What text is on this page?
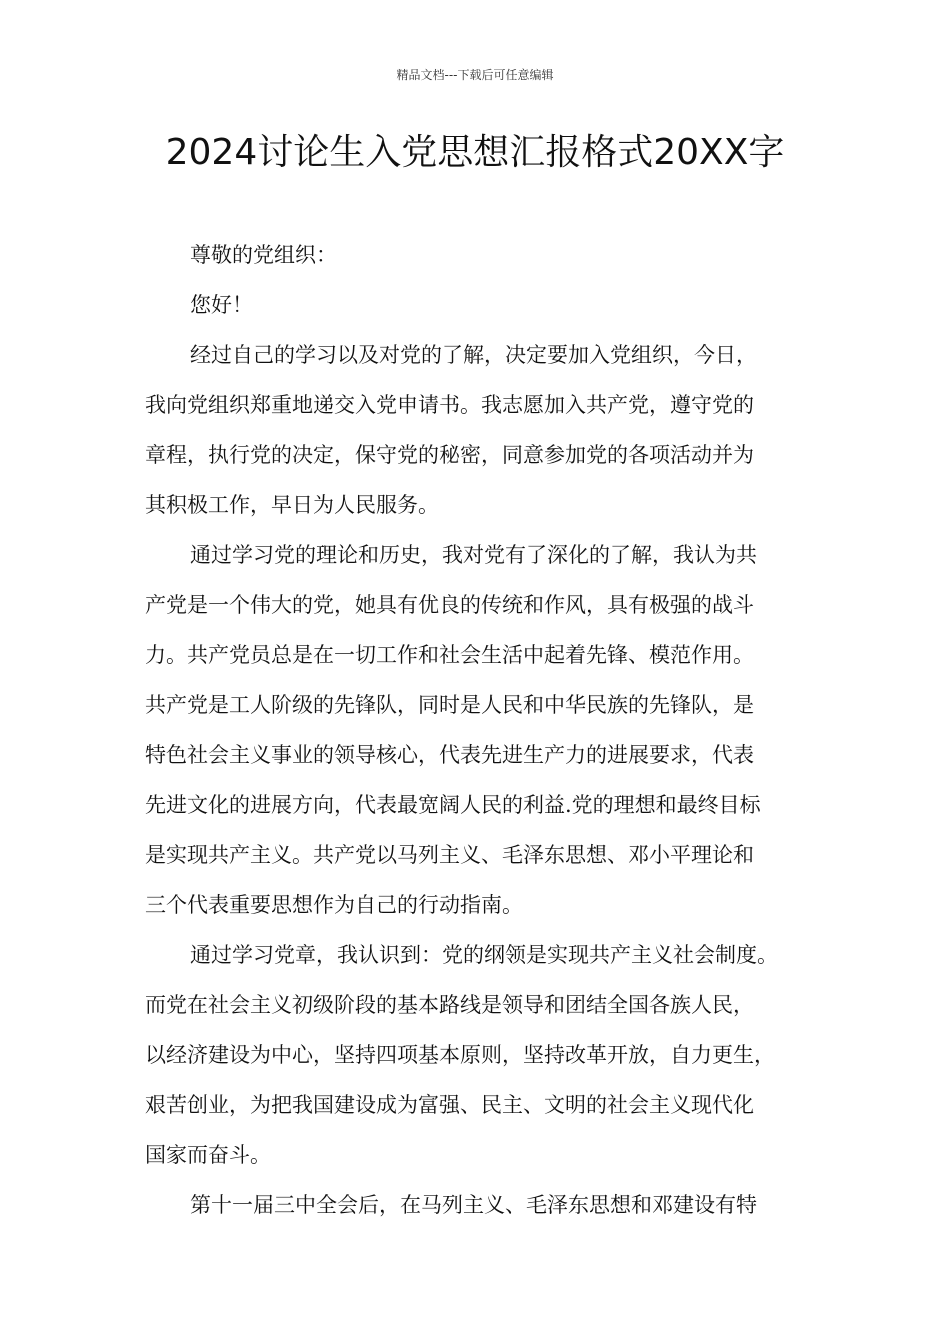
精品文档---下载后可任意编辑
2024讨论生入党思想汇报格式20XX字
尊敬的党组织：
您好！
经过自己的学习以及对党的了解，决定要加入党组织，今日，
我向党组织郑重地递交入党申请书。我志愿加入共产党，遵守党的
章程，执行党的决定，保守党的秘密，同意参加党的各项活动并为
其积极工作，早日为人民服务。
通过学习党的理论和历史，我对党有了深化的了解，我认为共
产党是一个伟大的党，她具有优良的传统和作风，具有极强的战斗
力。共产党员总是在一切工作和社会生活中起着先锋、模范作用。
共产党是工人阶级的先锋队，同时是人民和中华民族的先锋队，是
特色社会主义事业的领导核心，代表先进生产力的进展要求，代表
先进文化的进展方向，代表最宽阔人民的利益.党的理想和最终目标
是实现共产主义。共产党以马列主义、毛泽东思想、邓小平理论和
三个代表重要思想作为自己的行动指南。
通过学习党章，我认识到：党的纲领是实现共产主义社会制度。
而党在社会主义初级阶段的基本路线是领导和团结全国各族人民，
以经济建设为中心，坚持四项基本原则，坚持改革开放，自力更生，
艰苦创业，为把我国建设成为富强、民主、文明的社会主义现代化
国家而奋斗。
第十一届三中全会后，在马列主义、毛泽东思想和邓建设有特
